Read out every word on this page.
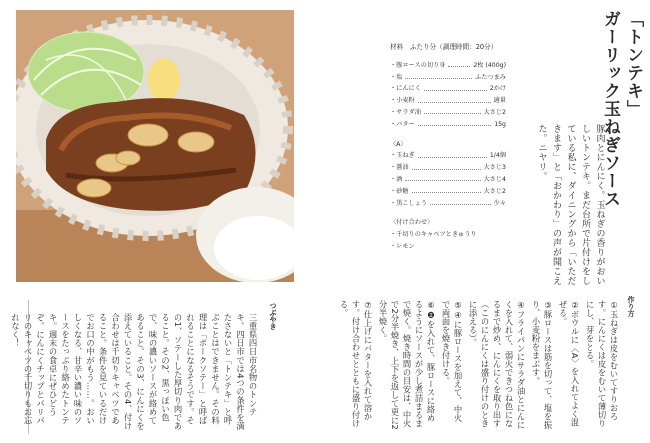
「トンテキ」
ガーリック玉ねぎソース

豚肉とにんにく。玉ねぎの香りがおいしいトンテキ。まだ台所で片付けをしている私に、ダイニングから「いただきます」と「おかわり」の声が聞こえた。ニヤリ。

材料　ふたり分（調理時間：20分）
・豚ロースの切り身	2枚 (400g)
・塩	ふたつまみ
・にんにく	2かけ
・小麦粉	適量
・サラダ油	大さじ2
・バター	15g
〈A〉
・玉ねぎ	1/4個
・醤油	大さじ3
・酒	大さじ4
・砂糖	大さじ2
・黒こしょう	少々
〈付け合わせ〉
・千切りのキャベツときゅうり
・レモン

作り方

①玉ねぎは皮をむいてすりおろす。にんにくは皮をむいて薄切りにし、芽をとる。

②ボウルに〈A〉を入れてよく混ぜる。

③豚ロースは筋を切って、塩を振り、小麦粉をまぶす。

④フライパンにサラダ油とにんにくを入れて、弱火できつね色になるまで炒め、にんにくを取り出す（このにんにくは盛り付けのときに添える）。

⑤④に豚ロースを加えて、中火で両面を焼き付ける。

⑥❷を入れて、豚ロースに絡めるようにソースが少し煮詰まるまで焼く。焼き時間の目安は、中火で2分半焼き、上下を返して更に2分半焼く。

⑦仕上げにバターを入れて溶かす。付け合わせとともに盛り付ける。

つぶやき

三重県四日市名物のトンテキ。四日市では4つの条件を満たさないと「トンテキ」と呼ぶことはできません。その料理は「ポークソテー」と呼ばれることになるそうです。その1、ソテーした厚切り肉であること。その2、黒っぽい色で、味の濃いソースが絡めてあること。その3、にんにくを添えていること。その4、付け合わせは千切りキャベツであること。条件を見ているだけでお口の中がもう……。おいしくなる、甘辛い濃い味のソースをたっぷり絡めたトンテキ。週末の食卓にぜひどうぞ。にんにくチップとパリパリのキャベツの千切りもお忘れなく！
